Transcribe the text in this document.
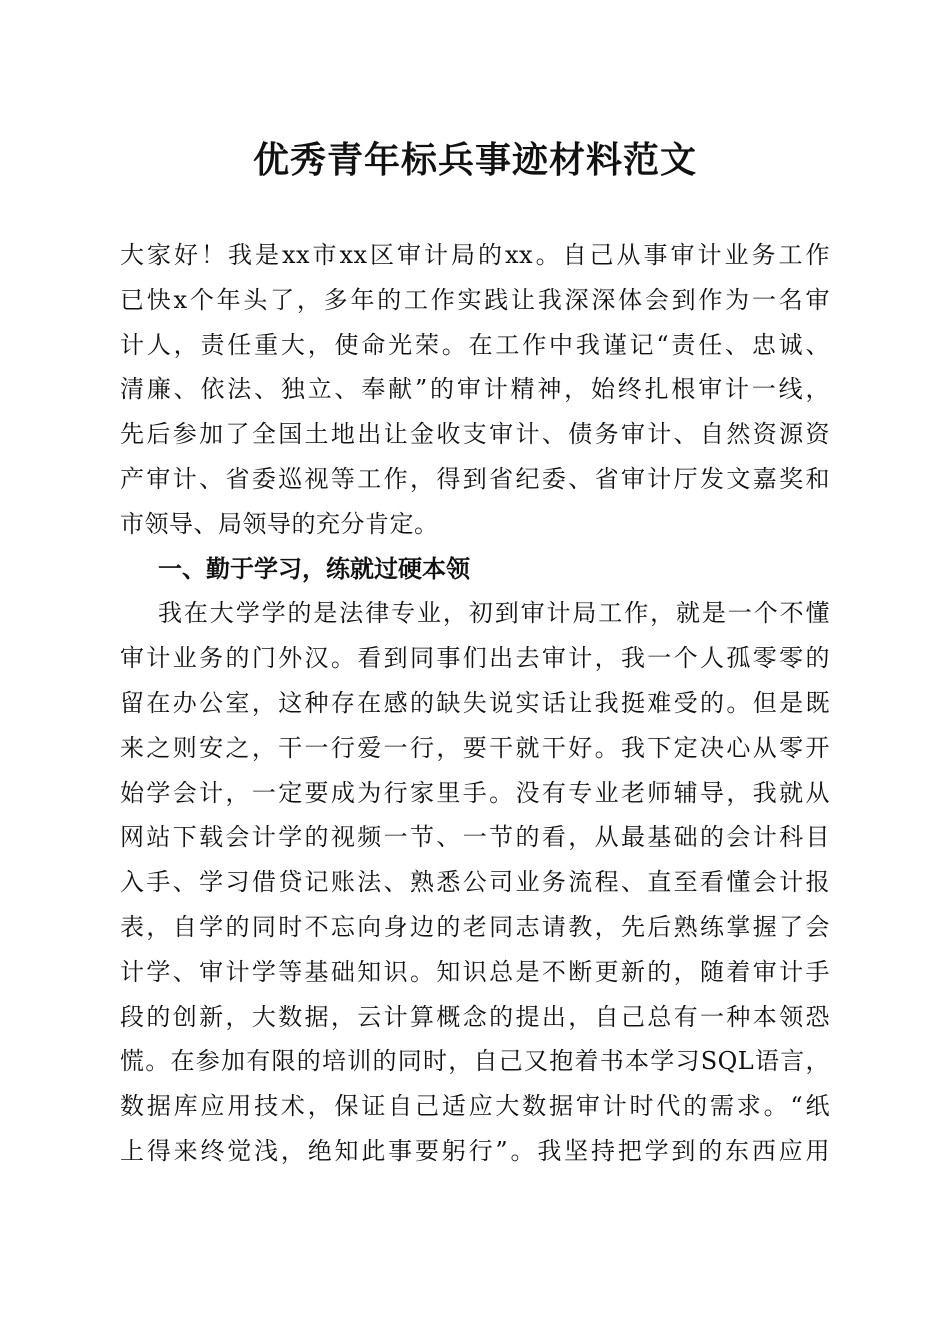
优秀青年标兵事迹材料范文
大家好！我是xx市xx区审计局的xx。自己从事审计业务工作
已快x个年头了，多年的工作实践让我深深体会到作为一名审
计人，责任重大，使命光荣。在工作中我谨记“责任、忠诚、
清廉、依法、独立、奉献”的审计精神，始终扎根审计一线，
先后参加了全国土地出让金收支审计、债务审计、自然资源资
产审计、省委巡视等工作，得到省纪委、省审计厅发文嘉奖和
市领导、局领导的充分肯定。
一、勤于学习，练就过硬本领
我在大学学的是法律专业，初到审计局工作，就是一个不懂
审计业务的门外汉。看到同事们出去审计，我一个人孤零零的
留在办公室，这种存在感的缺失说实话让我挺难受的。但是既
来之则安之，干一行爱一行，要干就干好。我下定决心从零开
始学会计，一定要成为行家里手。没有专业老师辅导，我就从
网站下载会计学的视频一节、一节的看，从最基础的会计科目
入手、学习借贷记账法、熟悉公司业务流程、直至看懂会计报
表，自学的同时不忘向身边的老同志请教，先后熟练掌握了会
计学、审计学等基础知识。知识总是不断更新的，随着审计手
段的创新，大数据，云计算概念的提出，自己总有一种本领恐
慌。在参加有限的培训的同时，自己又抱着书本学习SQL语言，
数据库应用技术，保证自己适应大数据审计时代的需求。“纸
上得来终觉浅，绝知此事要躬行”。我坚持把学到的东西应用
